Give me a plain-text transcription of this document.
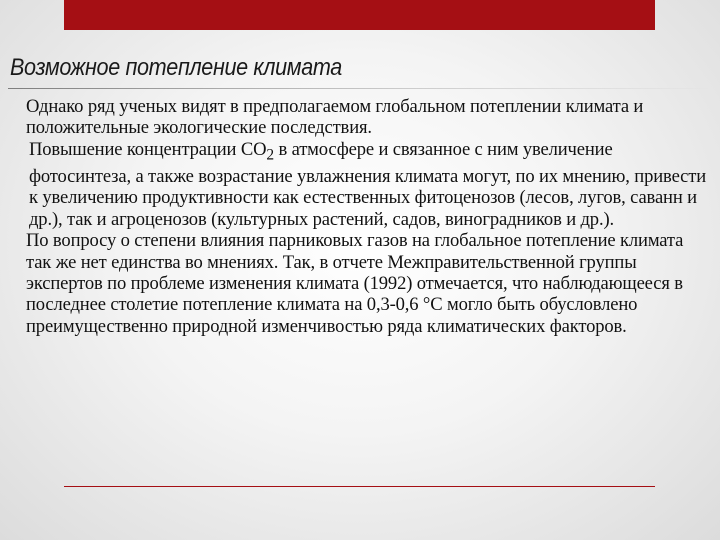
Возможное потепление климата

Однако ряд ученых видят в предполагаемом глобальном потеплении климата и положительные экологические последствия.

Повышение концентрации $CO_2$ в атмосфере и связанное с ним увеличение фотосинтеза, а также возрастание увлажнения климата могут, по их мнению, привести к увеличению продуктивности как естественных фитоценозов (лесов, лугов, саванн и др.), так и агроценозов (культурных растений, садов, виноградников и др.).

По вопросу о степени влияния парниковых газов на глобальное потепление климата так же нет единства во мнениях. Так, в отчете Межправительственной группы экспертов по проблеме изменения климата (1992) отмечается, что наблюдающееся в последнее столетие потепление климата на 0,3-0,6 °С могло быть обусловлено преимущественно природной изменчивостью ряда климатических факторов.
